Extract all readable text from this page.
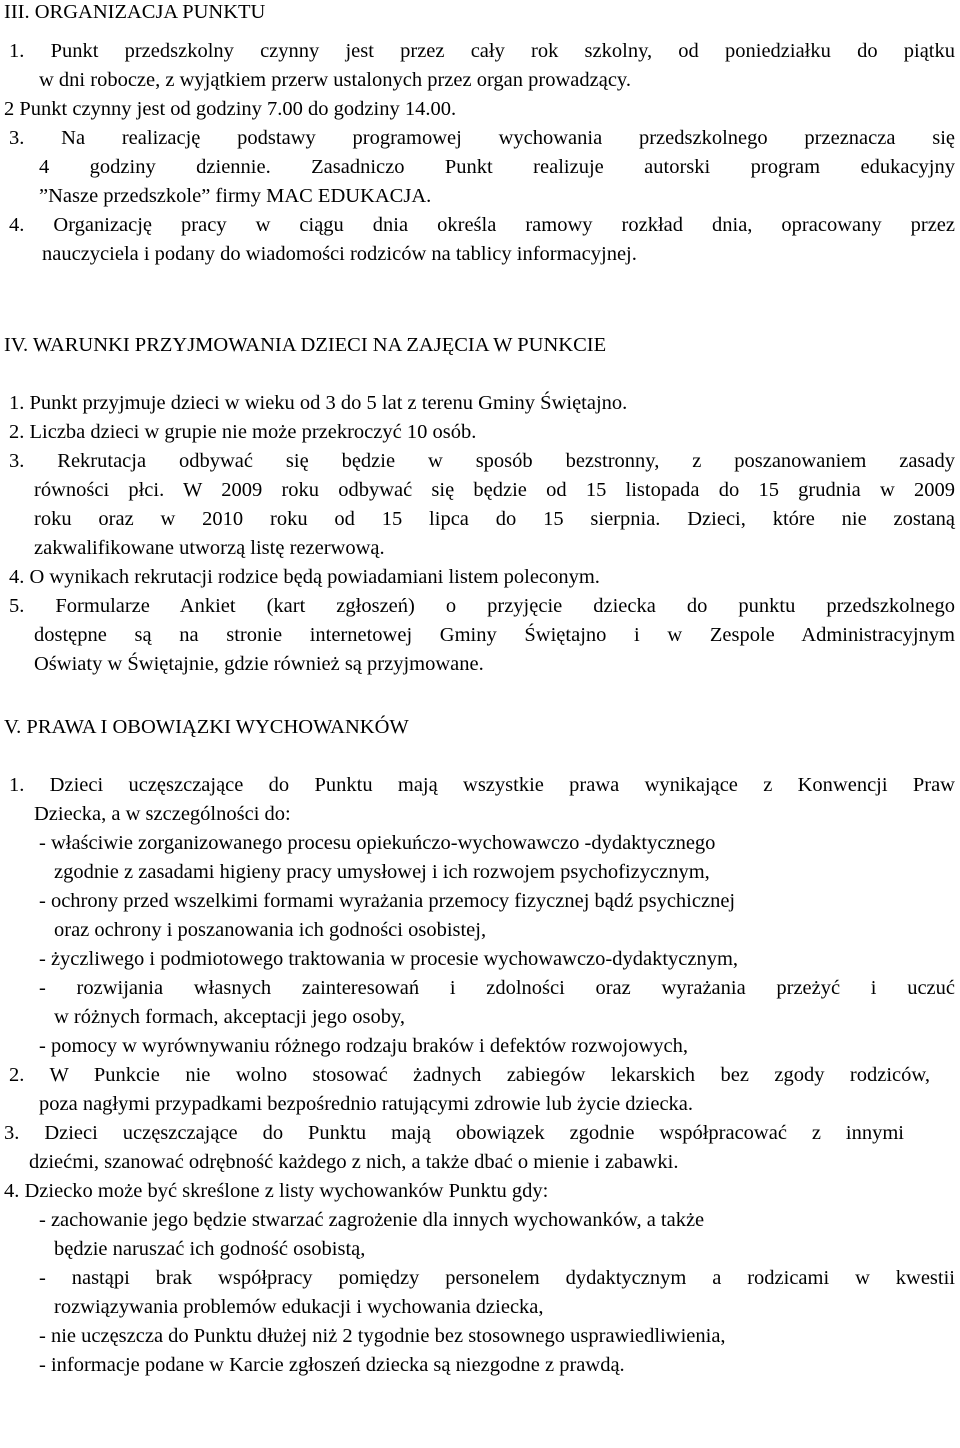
III. ORGANIZACJA PUNKTU
1. Punkt przedszkolny czynny jest przez cały rok szkolny, od poniedziałku do piątku
w dni robocze, z wyjątkiem przerw ustalonych przez organ prowadzący.
2 Punkt czynny jest od godziny 7.00 do godziny 14.00.
3. Na realizację podstawy programowej wychowania przedszkolnego przeznacza się
4 godziny dziennie. Zasadniczo Punkt realizuje autorski program edukacyjny
”Nasze przedszkole” firmy MAC EDUKACJA.
4. Organizację pracy w ciągu dnia określa ramowy rozkład dnia, opracowany przez
nauczyciela i podany do wiadomości rodziców na tablicy informacyjnej.
IV. WARUNKI PRZYJMOWANIA DZIECI NA ZAJĘCIA W PUNKCIE
1. Punkt przyjmuje dzieci w wieku od 3 do 5 lat z terenu Gminy Świętajno.
2. Liczba dzieci w grupie nie może przekroczyć 10 osób.
3. Rekrutacja odbywać się będzie w sposób bezstronny, z poszanowaniem zasady
równości płci. W 2009 roku odbywać się będzie od 15 listopada do 15 grudnia w 2009
roku oraz w 2010 roku od 15 lipca do 15 sierpnia. Dzieci, które nie zostaną
zakwalifikowane utworzą listę rezerwową.
4. O wynikach rekrutacji rodzice będą powiadamiani listem poleconym.
5. Formularze Ankiet (kart zgłoszeń) o przyjęcie dziecka do punktu przedszkolnego
dostępne są na stronie internetowej Gminy Świętajno i w Zespole Administracyjnym
Oświaty w Świętajnie, gdzie również są przyjmowane.
V. PRAWA I OBOWIĄZKI WYCHOWANKÓW
1. Dzieci uczęszczające do Punktu mają wszystkie prawa wynikające z Konwencji Praw
Dziecka, a w szczególności do:
- właściwie zorganizowanego procesu opiekuńczo-wychowawczo -dydaktycznego
zgodnie z zasadami higieny pracy umysłowej i ich rozwojem psychofizycznym,
- ochrony przed wszelkimi formami wyrażania przemocy fizycznej bądź psychicznej
oraz ochrony i poszanowania ich godności osobistej,
- życzliwego i podmiotowego traktowania w procesie wychowawczo-dydaktycznym,
- rozwijania własnych zainteresowań i zdolności oraz wyrażania przeżyć i uczuć
w różnych formach, akceptacji jego osoby,
- pomocy w wyrównywaniu różnego rodzaju braków i defektów rozwojowych,
2. W Punkcie nie wolno stosować żadnych zabiegów lekarskich bez zgody rodziców,
poza nagłymi przypadkami bezpośrednio ratującymi zdrowie lub życie dziecka.
3. Dzieci uczęszczające do Punktu mają obowiązek zgodnie współpracować z innymi
dziećmi, szanować odrębność każdego z nich, a także dbać o mienie i zabawki.
4. Dziecko może być skreślone z listy wychowanków Punktu gdy:
- zachowanie jego będzie stwarzać zagrożenie dla innych wychowanków, a także
będzie naruszać ich godność osobistą,
- nastąpi brak współpracy pomiędzy personelem dydaktycznym a rodzicami w kwestii
rozwiązywania problemów edukacji i wychowania dziecka,
- nie uczęszcza do Punktu dłużej niż 2 tygodnie bez stosownego usprawiedliwienia,
- informacje podane w Karcie zgłoszeń dziecka są niezgodne z prawdą.
